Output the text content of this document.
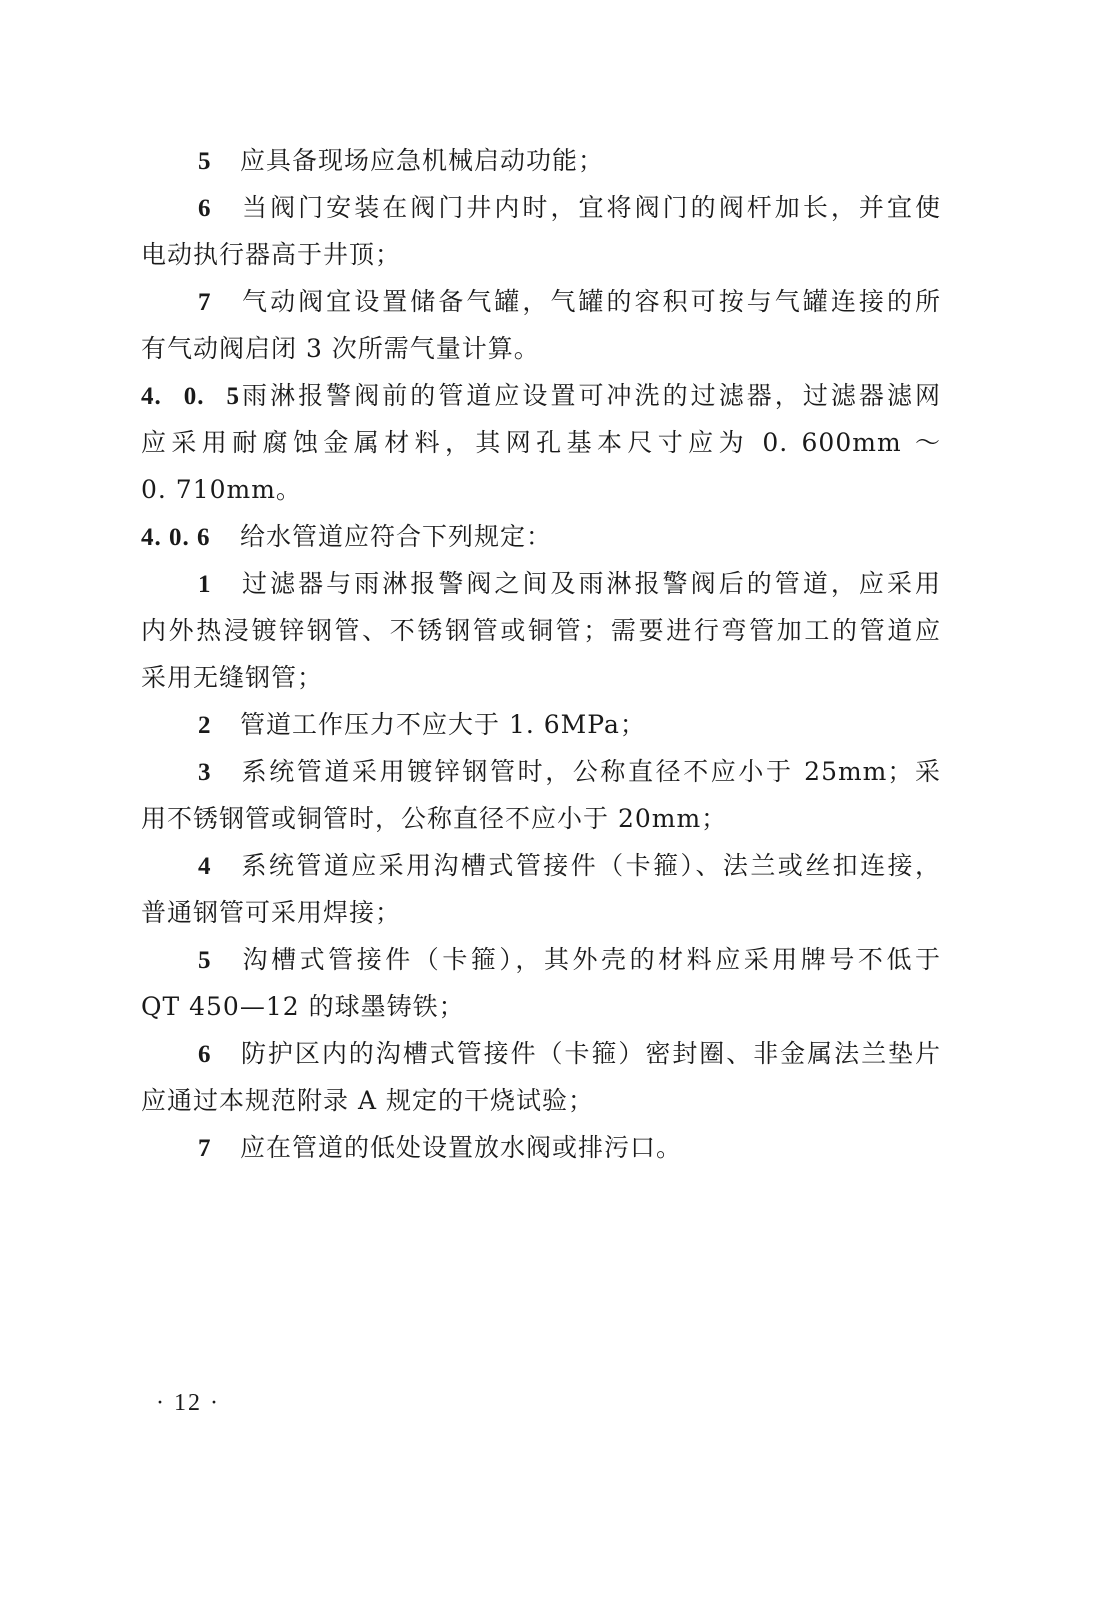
5 应具备现场应急机械启动功能；
6 当阀门安装在阀门井内时，宜将阀门的阀杆加长，并宜使
电动执行器高于井顶；
7 气动阀宜设置储备气罐，气罐的容积可按与气罐连接的所
有气动阀启闭 3 次所需气量计算。
4. 0. 5雨淋报警阀前的管道应设置可冲洗的过滤器，过滤器滤网
应采用耐腐蚀金属材料，其网孔基本尺寸应为 0. 600mm ～
0. 710mm。
4. 0. 6 给水管道应符合下列规定：
1 过滤器与雨淋报警阀之间及雨淋报警阀后的管道，应采用
内外热浸镀锌钢管、不锈钢管或铜管；需要进行弯管加工的管道应
采用无缝钢管；
2 管道工作压力不应大于 1. 6MPa；
3 系统管道采用镀锌钢管时，公称直径不应小于 25mm；采
用不锈钢管或铜管时，公称直径不应小于 20mm；
4 系统管道应采用沟槽式管接件（卡箍）、法兰或丝扣连接，
普通钢管可采用焊接；
5 沟槽式管接件（卡箍），其外壳的材料应采用牌号不低于
QT 450—12 的球墨铸铁；
6 防护区内的沟槽式管接件（卡箍）密封圈、非金属法兰垫片
应通过本规范附录 A 规定的干烧试验；
7 应在管道的低处设置放水阀或排污口。
· 12 ·
